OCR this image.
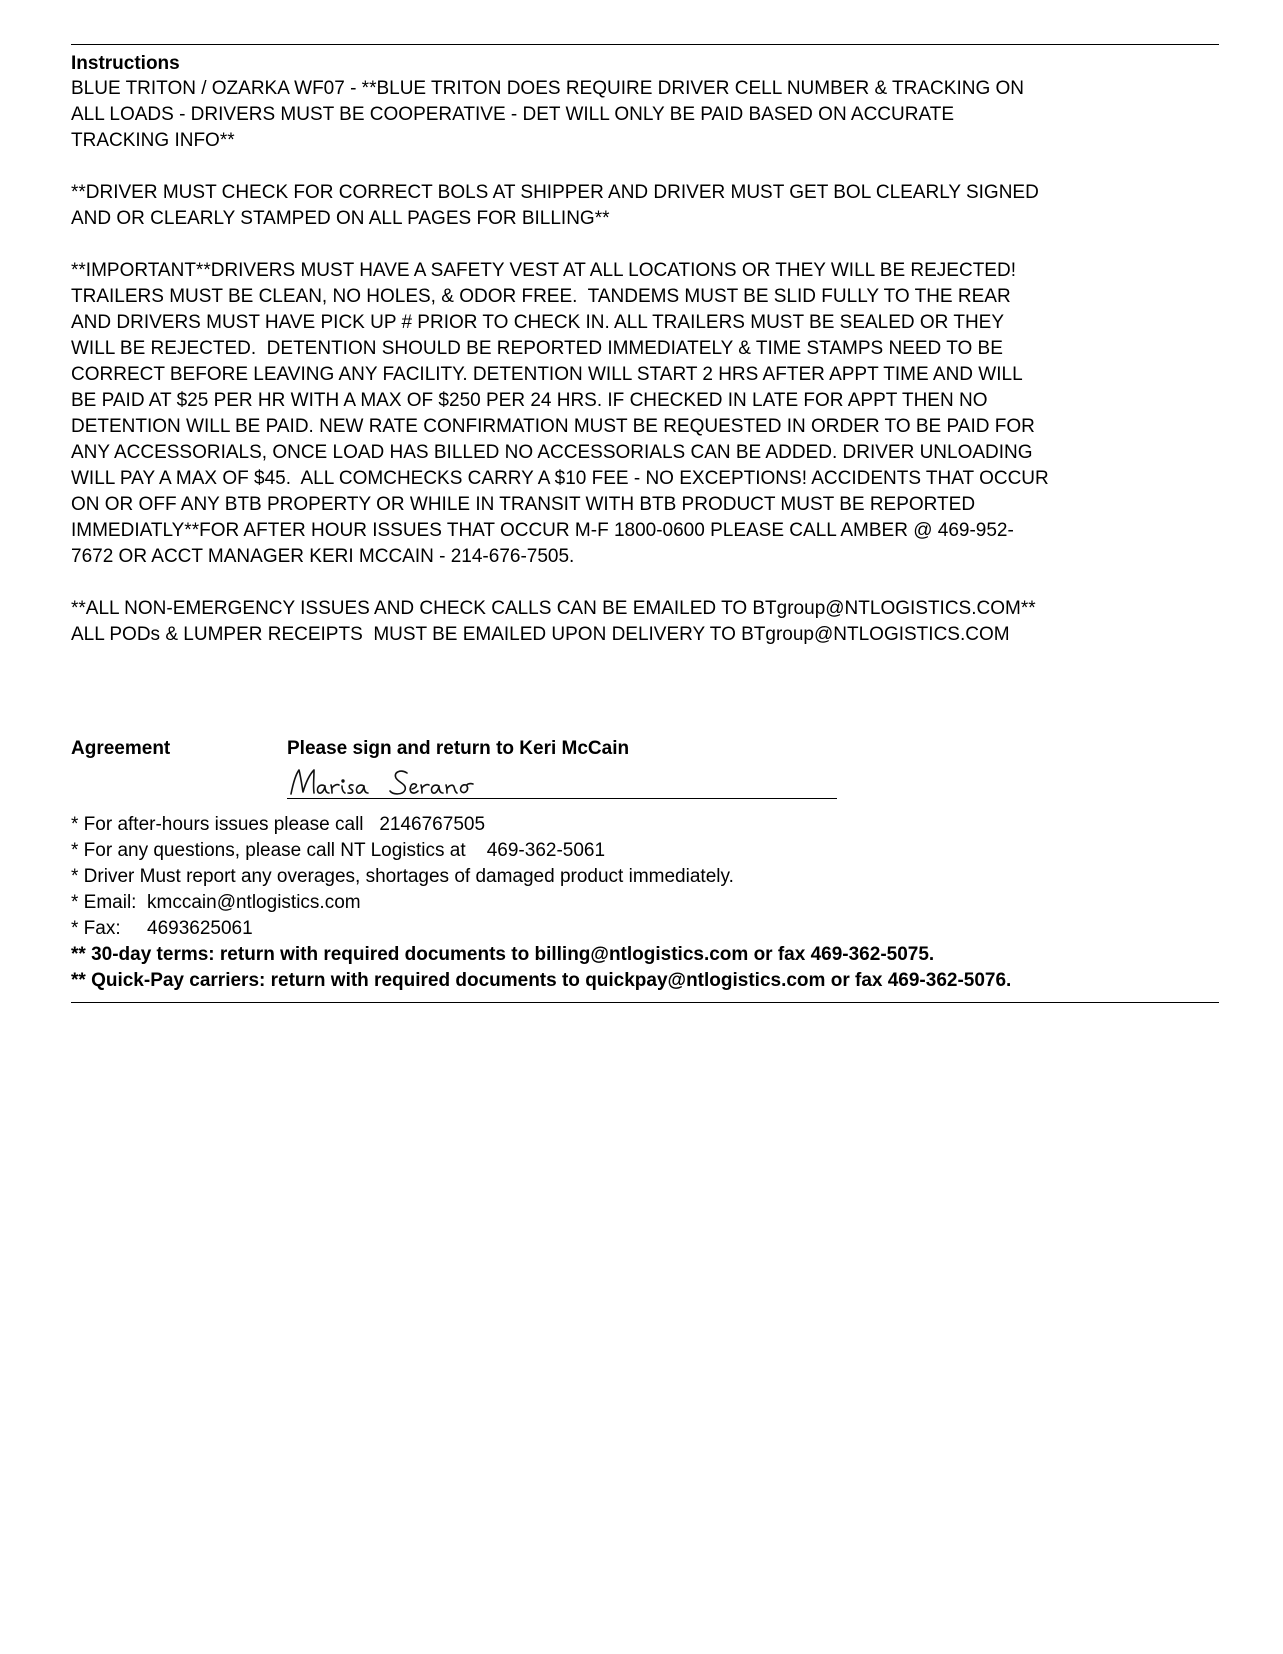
Instructions

BLUE TRITON / OZARKA WF07 - **BLUE TRITON DOES REQUIRE DRIVER CELL NUMBER & TRACKING ON
ALL LOADS - DRIVERS MUST BE COOPERATIVE - DET WILL ONLY BE PAID BASED ON ACCURATE
TRACKING INFO**

**DRIVER MUST CHECK FOR CORRECT BOLS AT SHIPPER AND DRIVER MUST GET BOL CLEARLY SIGNED
AND OR CLEARLY STAMPED ON ALL PAGES FOR BILLING**

**IMPORTANT**DRIVERS MUST HAVE A SAFETY VEST AT ALL LOCATIONS OR THEY WILL BE REJECTED!
TRAILERS MUST BE CLEAN, NO HOLES, & ODOR FREE.  TANDEMS MUST BE SLID FULLY TO THE REAR
AND DRIVERS MUST HAVE PICK UP # PRIOR TO CHECK IN. ALL TRAILERS MUST BE SEALED OR THEY
WILL BE REJECTED.  DETENTION SHOULD BE REPORTED IMMEDIATELY & TIME STAMPS NEED TO BE
CORRECT BEFORE LEAVING ANY FACILITY. DETENTION WILL START 2 HRS AFTER APPT TIME AND WILL
BE PAID AT $25 PER HR WITH A MAX OF $250 PER 24 HRS. IF CHECKED IN LATE FOR APPT THEN NO
DETENTION WILL BE PAID. NEW RATE CONFIRMATION MUST BE REQUESTED IN ORDER TO BE PAID FOR
ANY ACCESSORIALS, ONCE LOAD HAS BILLED NO ACCESSORIALS CAN BE ADDED. DRIVER UNLOADING
WILL PAY A MAX OF $45.  ALL COMCHECKS CARRY A $10 FEE - NO EXCEPTIONS! ACCIDENTS THAT OCCUR
ON OR OFF ANY BTB PROPERTY OR WHILE IN TRANSIT WITH BTB PRODUCT MUST BE REPORTED
IMMEDIATLY**FOR AFTER HOUR ISSUES THAT OCCUR M-F 1800-0600 PLEASE CALL AMBER @ 469-952-
7672 OR ACCT MANAGER KERI MCCAIN - 214-676-7505.

**ALL NON-EMERGENCY ISSUES AND CHECK CALLS CAN BE EMAILED TO BTgroup@NTLOGISTICS.COM**
ALL PODs & LUMPER RECEIPTS  MUST BE EMAILED UPON DELIVERY TO BTgroup@NTLOGISTICS.COM

Agreement	Please sign and return to Keri McCain
* For after-hours issues please call   2146767505
* For any questions, please call NT Logistics at    469-362-5061
* Driver Must report any overages, shortages of damaged product immediately.
* Email:  kmccain@ntlogistics.com
* Fax:     4693625061
** 30-day terms: return with required documents to billing@ntlogistics.com or fax 469-362-5075.
** Quick-Pay carriers: return with required documents to quickpay@ntlogistics.com or fax 469-362-5076.
